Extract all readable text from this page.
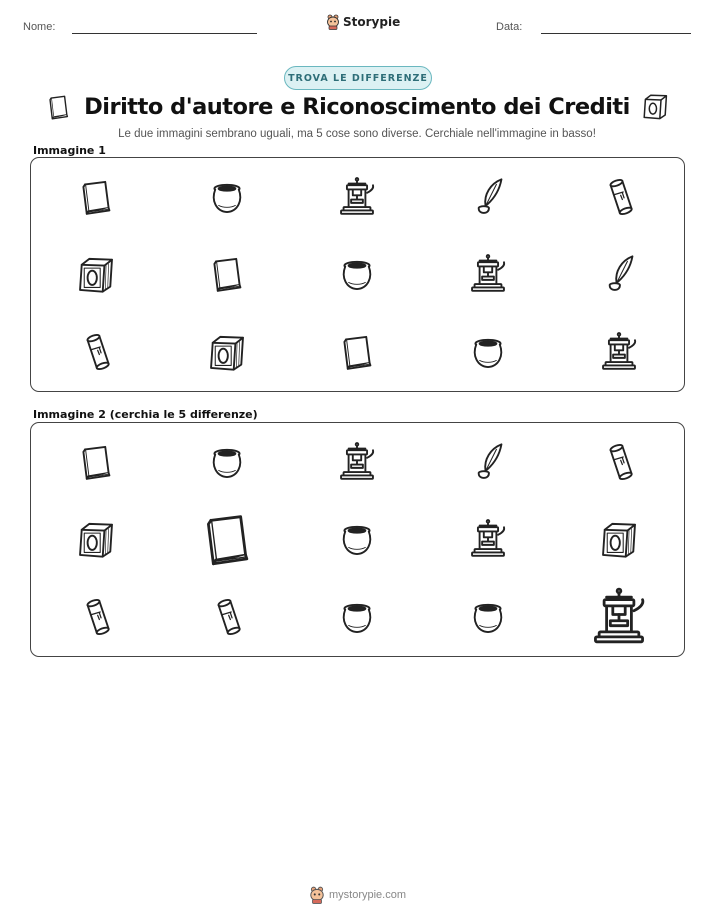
Nome:	Storypie	Data:
TROVA LE DIFFERENZE
Diritto d'autore e Riconoscimento dei Crediti
Le due immagini sembrano uguali, ma 5 cose sono diverse. Cerchiale nell'immagine in basso!
Immagine 1
Immagine 2 (cerchia le 5 differenze)
mystorypie.com
